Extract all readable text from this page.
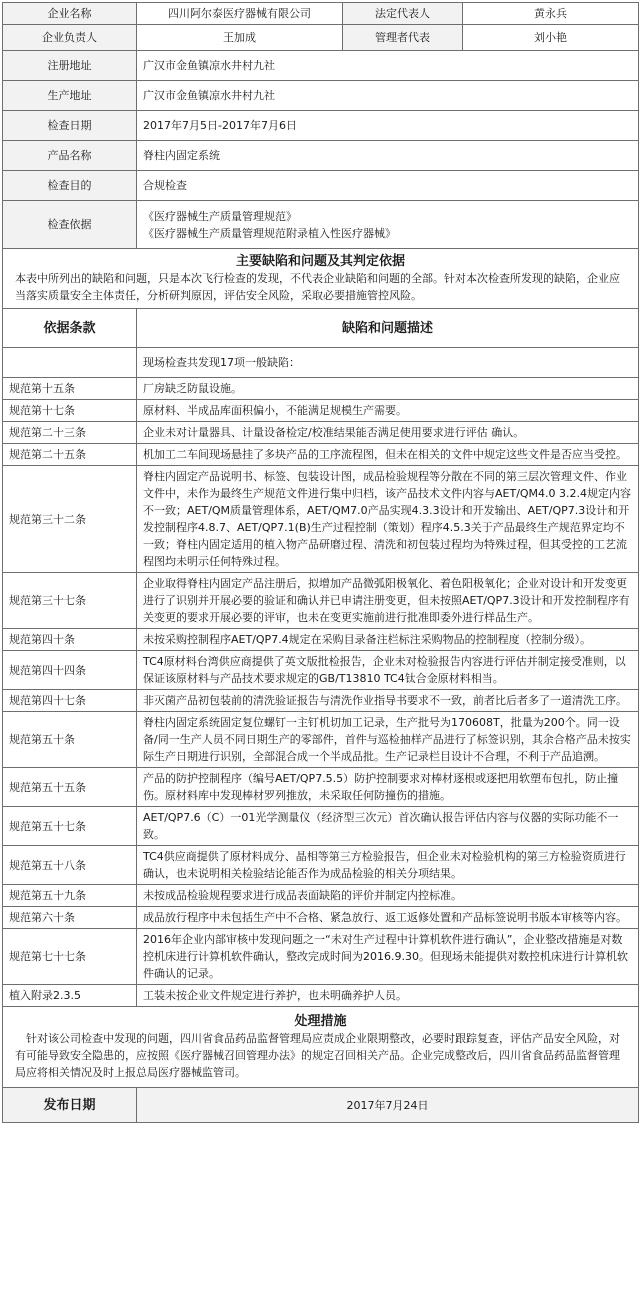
企业名称	四川阿尔泰医疗器械有限公司	法定代表人	黄永兵
企业负责人	王加成	管理者代表	刘小艳
注册地址	广汉市金鱼镇凉水井村九社		
生产地址	广汉市金鱼镇凉水井村九社		
检查日期	2017年7月5日-2017年7月6日		
产品名称	脊柱内固定系统		
检查目的	合规检查		
检查依据	《医疗器械生产质量管理规范》
《医疗器械生产质量管理规范附录植入性医疗器械》		

主要缺陷和问题及其判定依据			
本表中所列出的缺陷和问题，只是本次飞行检查的发现，不代表企业缺陷和问题的全部。针对本次检查所发现的缺陷，企业应当落实质量安全主体责任，分析研判原因，评估安全风险，采取必要措施管控风险。			
依据条款	缺陷和问题描述		
	现场检查共发现17项一般缺陷：		
规范第十五条	厂房缺乏防鼠设施。		
规范第十七条	原材料、半成品库面积偏小，不能满足规模生产需要。		
规范第二十三条	企业未对计量器具、计量设备检定/校准结果能否满足使用要求进行评估 确认。		
规范第二十五条	机加工二车间现场悬挂了多块产品的工序流程图，但未在相关的文件中规定这些文件是否应当受控。		
规范第三十二条	脊柱内固定产品说明书、标签、包装设计图，成品检验规程等分散在不同的第三层次管理文件、作业文件中，未作为最终生产规范文件进行集中归档，该产品技术文件内容与AET/QM4.0 3.2.4规定内容不一致；AET/QM质量管理体系，AET/QM7.0产品实现4.3.3设计和开发输出、AET/QP7.3设计和开发控制程序4.8.7、AET/QP7.1(B)生产过程控制（策划）程序4.5.3关于产品最终生产规范界定均不一致；脊柱内固定适用的植入物产品研磨过程、清洗和初包装过程均为特殊过程，但其受控的工艺流程图均未明示任何特殊过程。		
规范第三十七条	企业取得脊柱内固定产品注册后，拟增加产品微弧阳极氧化、着色阳极氧化；企业对设计和开发变更进行了识别并开展必要的验证和确认并已申请注册变更，但未按照AET/QP7.3设计和开发控制程序有关变更的要求开展必要的评审，也未在变更实施前进行批准即委外进行样品生产。		
规范第四十条	未按采购控制程序AET/QP7.4规定在采购目录备注栏标注采购物品的控制程度（控制分级）。		
规范第四十四条	TC4原材料台湾供应商提供了英文版批检报告，企业未对检验报告内容进行评估并制定接受准则，以保证该原材料与产品技术要求规定的GB/T13810 TC4钛合金原材料相当。		
规范第四十七条	非灭菌产品初包装前的清洗验证报告与清洗作业指导书要求不一致，前者比后者多了一道清洗工序。		
规范第五十条	脊柱内固定系统固定复位螺钉一主钉机切加工记录，生产批号为170608T，批量为200个。同一设备/同一生产人员不同日期生产的零部件，首件与巡检抽样产品进行了标签识别，其余合格产品未按实际生产日期进行识别，全部混合成一个半成品批。生产记录栏目设计不合理，不利于产品追溯。		
规范第五十五条	产品的防护控制程序（编号AET/QP7.5.5）防护控制要求对棒材逐根或逐把用软塑布包扎，防止撞伤。原材料库中发现棒材罗列推放，未采取任何防撞伤的措施。		
规范第五十七条	AET/QP7.6（C）一01光学测量仪（经济型三次元）首次确认报告评估内容与仪器的实际功能不一致。		
规范第五十八条	TC4供应商提供了原材料成分、晶相等第三方检验报告，但企业未对检验机构的第三方检验资质进行确认，也未说明相关检验结论能否作为成品检验的相关分项结果。		
规范第五十九条	未按成品检验规程要求进行成品表面缺陷的评价并制定内控标准。		
规范第六十条	成品放行程序中未包括生产中不合格、紧急放行、返工返修处置和产品标签说明书版本审核等内容。		
规范第七十七条	2016年企业内部审核中发现问题之一“未对生产过程中计算机软件进行确认”，企业整改措施是对数控机床进行计算机软件确认，整改完成时间为2016.9.30。但现场未能提供对数控机床进行计算机软件确认的记录。		
植入附录2.3.5	工装未按企业文件规定进行养护，也未明确养护人员。		
处理措施			
针对该公司检查中发现的问题，四川省食品药品监督管理局应责成企业限期整改，必要时跟踪复查，评估产品安全风险，对有可能导致安全隐患的，应按照《医疗器械召回管理办法》的规定召回相关产品。企业完成整改后，四川省食品药品监督管理局应将相关情况及时上报总局医疗器械监管司。			
发布日期	2017年7月24日		
